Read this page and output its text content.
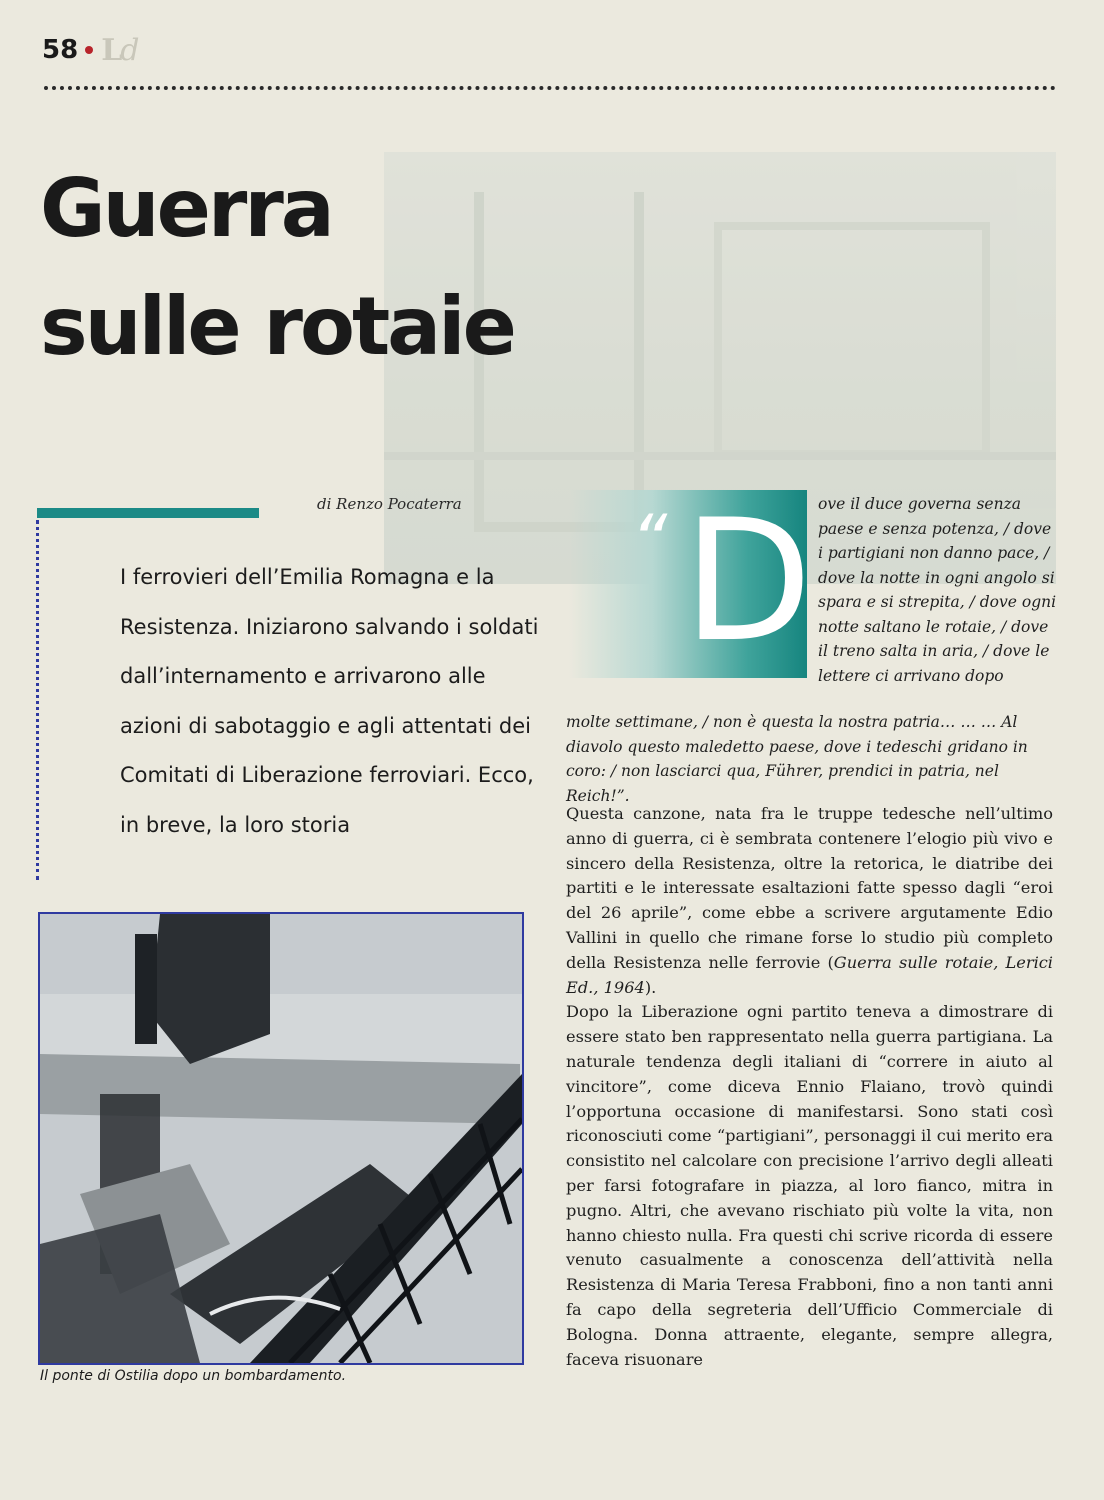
58 Ld
Guerra
sulle rotaie
di Renzo Pocaterra

I ferrovieri dell’Emilia Romagna e la Resistenza. Iniziarono salvando i soldati dall’internamento e arrivarono alle azioni di sabotaggio e agli attentati dei Comitati di Liberazione ferroviari. Ecco, in breve, la loro storia

Il ponte di Ostilia dopo un bombardamento.
“ D ove il duce governa senza paese e senza potenza, / dove i partigiani non danno pace, / dove la notte in ogni angolo si spara e si strepita, / dove ogni notte saltano le rotaie, / dove il treno salta in aria, / dove le lettere ci arrivano dopo

molte settimane, / non è questa la nostra patria… … … Al diavolo questo maledetto paese, dove i tedeschi gridano in coro: / non lasciarci qua, Führer, prendici in patria, nel Reich!”.

Questa canzone, nata fra le truppe tedesche nell’ultimo anno di guerra, ci è sembrata contenere l’elogio più vivo e sincero della Resistenza, oltre la retorica, le diatribe dei partiti e le interessate esaltazioni fatte spesso dagli “eroi del 26 aprile”, come ebbe a scrivere argutamente Edio Vallini in quello che rimane forse lo studio più completo della Resistenza nelle ferrovie (Guerra sulle rotaie, Lerici Ed., 1964).

Dopo la Liberazione ogni partito teneva a dimostrare di essere stato ben rappresentato nella guerra partigiana. La naturale tendenza degli italiani di “correre in aiuto al vincitore”, come diceva Ennio Flaiano, trovò quindi l’opportuna occasione di manifestarsi. Sono stati così riconosciuti come “partigiani”, personaggi il cui merito era consistito nel calcolare con precisione l’arrivo degli alleati per farsi fotografare in piazza, al loro fianco, mitra in pugno. Altri, che avevano rischiato più volte la vita, non hanno chiesto nulla. Fra questi chi scrive ricorda di essere venuto casualmente a conoscenza dell’attività nella Resistenza di Maria Teresa Frabboni, fino a non tanti anni fa capo della segreteria dell’Ufficio Commerciale di Bologna. Donna attraente, elegante, sempre allegra, faceva risuonare
